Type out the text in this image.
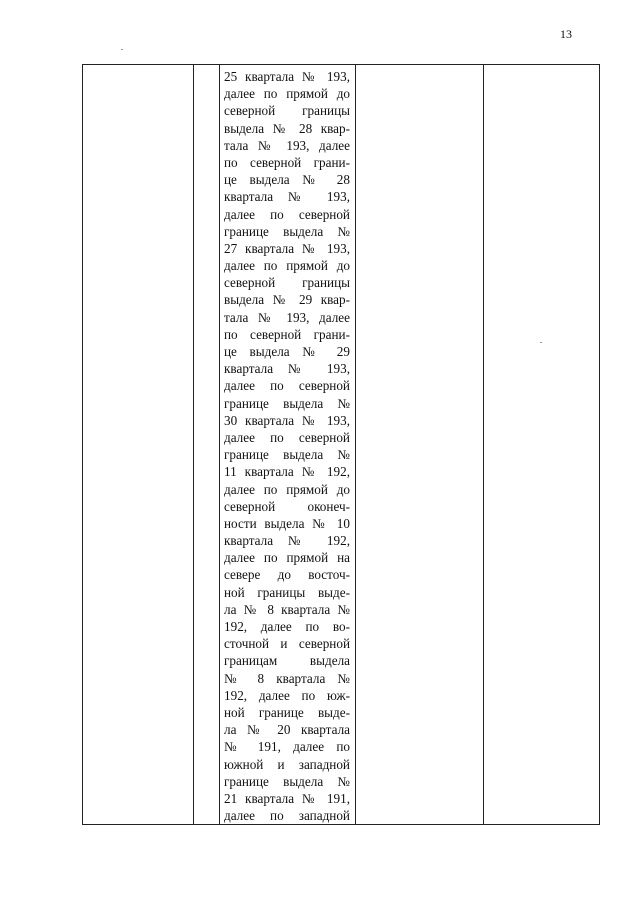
13

25 квартала № 193,
далее по прямой до
северной границы
выдела № 28 квар-
тала № 193, далее
по северной грани-
це выдела № 28
квартала № 193,
далее по северной
границе выдела №
27 квартала № 193,
далее по прямой до
северной границы
выдела № 29 квар-
тала № 193, далее
по северной грани-
це выдела № 29
квартала № 193,
далее по северной
границе выдела №
30 квартала № 193,
далее по северной
границе выдела №
11 квартала № 192,
далее по прямой до
северной оконеч-
ности выдела № 10
квартала № 192,
далее по прямой на
севере до восточ-
ной границы выде-
ла № 8 квартала №
192, далее по во-
сточной и северной
границам выдела
№ 8 квартала №
192, далее по юж-
ной границе выде-
ла № 20 квартала
№ 191, далее по
южной и западной
границе выдела №
21 квартала № 191,
далее по западной
